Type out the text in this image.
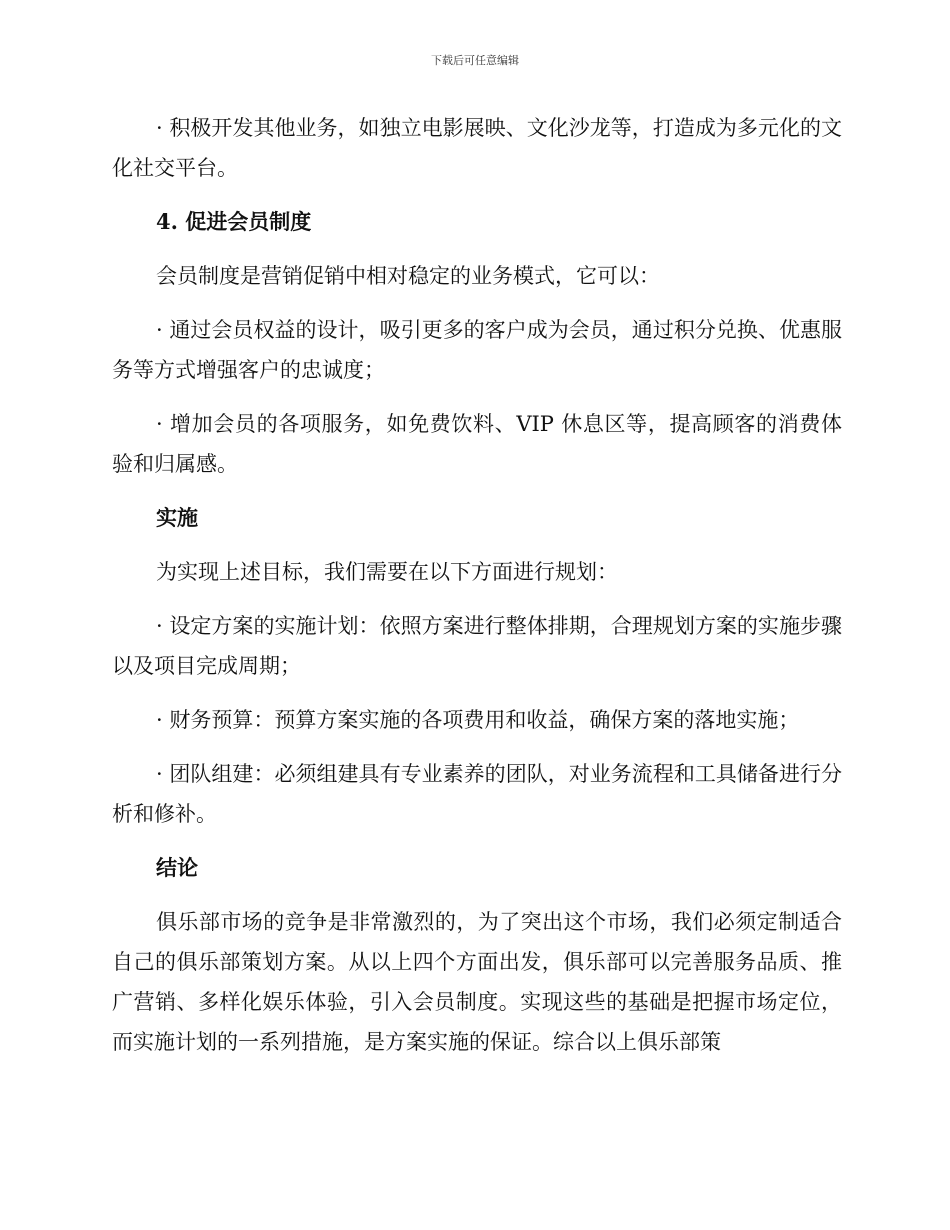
下载后可任意编辑

· 积极开发其他业务，如独立电影展映、文化沙龙等，打造成为多元化的文化社交平台。

4. 促进会员制度

会员制度是营销促销中相对稳定的业务模式，它可以：

· 通过会员权益的设计，吸引更多的客户成为会员，通过积分兑换、优惠服务等方式增强客户的忠诚度；

· 增加会员的各项服务，如免费饮料、VIP 休息区等，提高顾客的消费体验和归属感。

实施

为实现上述目标，我们需要在以下方面进行规划：

· 设定方案的实施计划：依照方案进行整体排期，合理规划方案的实施步骤以及项目完成周期；

· 财务预算：预算方案实施的各项费用和收益，确保方案的落地实施；

· 团队组建：必须组建具有专业素养的团队，对业务流程和工具储备进行分析和修补。

结论

俱乐部市场的竞争是非常激烈的，为了突出这个市场，我们必须定制适合自己的俱乐部策划方案。从以上四个方面出发，俱乐部可以完善服务品质、推广营销、多样化娱乐体验，引入会员制度。实现这些的基础是把握市场定位，而实施计划的一系列措施，是方案实施的保证。综合以上俱乐部策
